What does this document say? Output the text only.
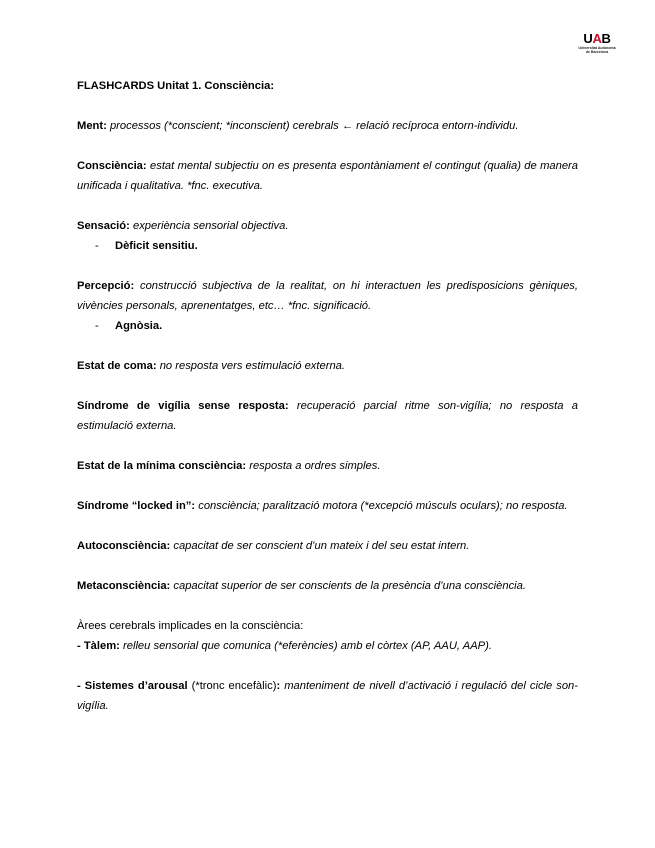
UAB
Universitat Autònoma
de Barcelona
FLASHCARDS Unitat 1. Consciència:
Ment: processos (*conscient; *inconscient) cerebrals ← relació recíproca entorn-individu.
Consciència: estat mental subjectiu on es presenta espontàniament el contingut (qualia) de manera unificada i qualitativa. *fnc. executiva.
Sensació: experiència sensorial objectiva.
- Dèficit sensitiu.
Percepció: construcció subjectiva de la realitat, on hi interactuen les predisposicions gèniques, vivències personals, aprenentatges, etc… *fnc. significació.
- Agnòsia.
Estat de coma: no resposta vers estimulació externa.
Síndrome de vigília sense resposta: recuperació parcial ritme son-vigília; no resposta a estimulació externa.
Estat de la mínima consciència: resposta a ordres simples.
Síndrome “locked in”: consciència; paralització motora (*excepció músculs oculars); no resposta.
Autoconsciència: capacitat de ser conscient d’un mateix i del seu estat intern.
Metaconsciència: capacitat superior de ser conscients de la presència d’una consciència.
Àrees cerebrals implicades en la consciència:
- Tàlem: relleu sensorial que comunica (*eferències) amb el còrtex (AP, AAU, AAP).
- Sistemes d’arousal (*tronc encefàlic): manteniment de nivell d’activació i regulació del cicle son-vigília.
